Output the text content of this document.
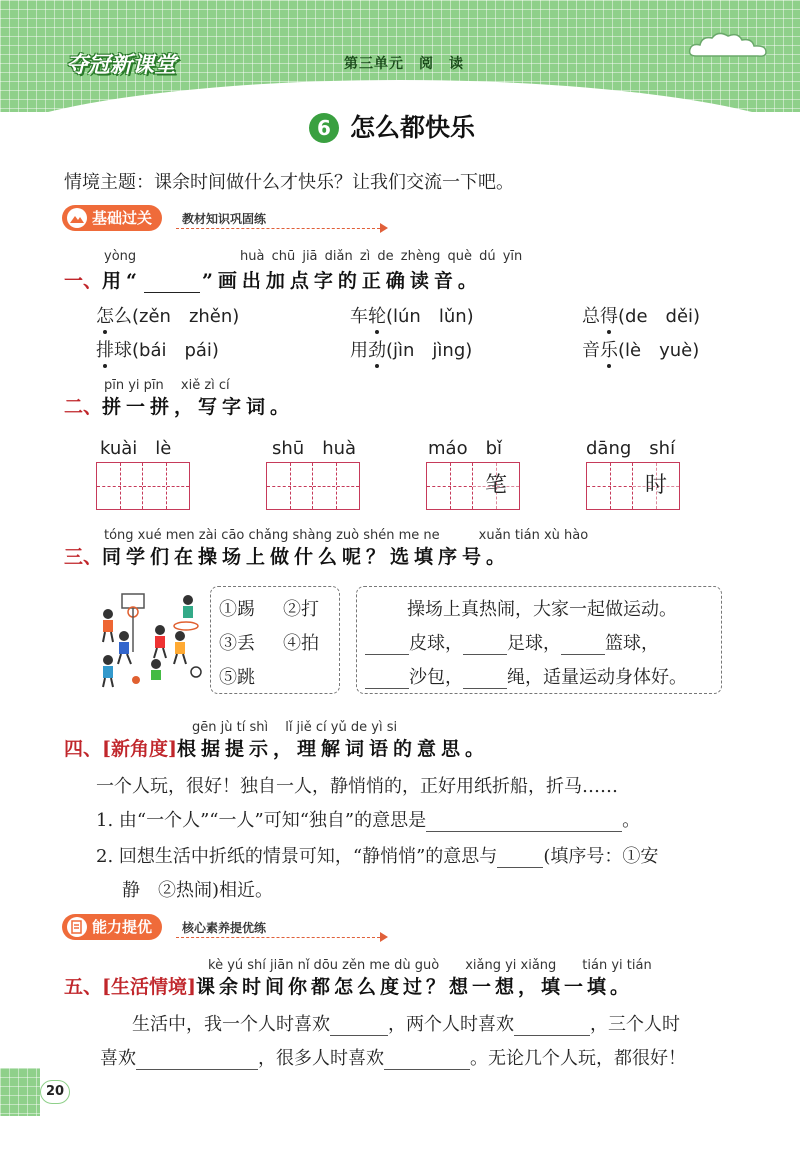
夺冠新课堂	第三单元　阅　读
6 怎么都快乐
情境主题：课余时间做什么才快乐？让我们交流一下吧。
基础过关	教材知识巩固练
yòng	huà chū jiā diǎn zì de zhèng què dú yīn
一、用“	”画出加点字的正确读音。
怎么(zěn　zhěn)	车轮(lún　lǔn)	总得(de　děi)
排球(bái　pái)	用劲(jìn　jìng)	音乐(lè　yuè)
pīn yi pīn　 xiě zì cí
二、拼一拼，写字词。
kuài　lè	shū　huà	máo　bǐ
笔
dāng　shí
时
tóng xué men zài cāo chǎng shàng zuò shén me ne　　　xuǎn tián xù hào
三、同学们在操场上做什么呢？选填序号。
①踢 ②打
③丢 ④拍
⑤跳
操场上真热闹，大家一起做运动。
皮球， 足球， 篮球，
沙包， 绳，适量运动身体好。
gēn jù tí shì　 lǐ jiě cí yǔ de yì si
四、[新角度]根据提示，理解词语的意思。
一个人玩，很好！独自一人，静悄悄的，正好用纸折船，折马……
1. 由“一个人”“一人”可知“独自”的意思是	。
2. 回想生活中折纸的情景可知，“静悄悄”的意思与	(填序号：①安
静　②热闹)相近。
能力提优	核心素养提优练
kè yú shí jiān nǐ dōu zěn me dù guò　　xiǎng yi xiǎng　　tián yi tián
五、[生活情境]课余时间你都怎么度过？想一想，填一填。
生活中，我一个人时喜欢	，两个人时喜欢	，三个人时
喜欢	，很多人时喜欢	。无论几个人玩，都很好！
20
